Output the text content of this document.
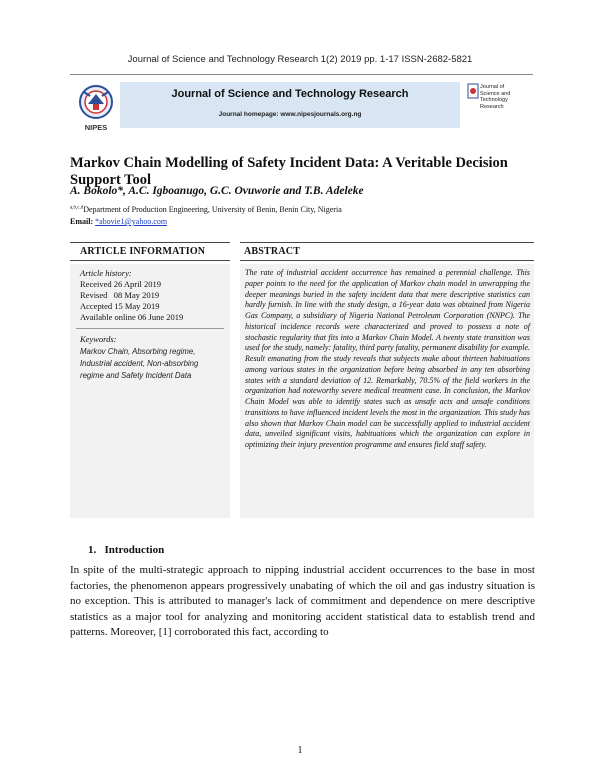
Journal of Science and Technology Research 1(2) 2019 pp. 1-17 ISSN-2682-5821
NIPES
Journal of Science and Technology Research
Journal homepage: www.nipesjournals.org.ng
Journal of
Science and
Technology
Research
Markov Chain Modelling of Safety Incident Data: A Veritable Decision Support Tool
A. Bokolo*, A.C. Igboanugo, G.C. Ovuworie and T.B. Adeleke
$^{a,b,c,d}$Department of Production Engineering, University of Benin, Benin City, Nigeria
Email: *abovie1@yahoo.com
ARTICLE INFORMATION
Article history:
Received 26 April 2019
Revised   08 May 2019
Accepted 15 May 2019
Available online 06 June 2019
Keywords:
Markov Chain, Absorbing regime,
Industrial accident, Non-absorbing
regime and Safety Incident Data
ABSTRACT
The rate of industrial accident occurrence has remained a perennial challenge. This paper points to the need for the application of Markov chain model in unwrapping the deeper meanings buried in the safety incident data that mere descriptive statistics can hardly furnish. In line with the study design, a 16-year data was obtained from Nigeria Gas Company, a subsidiary of Nigeria National Petroleum Corporation (NNPC). The historical incidence records were characterized and proved to possess a note of stochastic regularity that fits into a Markov Chain Model. A twenty state transition was used for the study, namely: fatality, third party fatality, permanent disability for example. Result emanating from the study reveals that subjects make about thirteen habituations among various states in the organization before being absorbed in any ten absorbing states with a standard deviation of 12. Remarkably, 70.5% of the field workers in the organization had noteworthy severe medical treatment case. In conclusion, the Markov Chain Model was able to identify states such as unsafe acts and unsafe conditions transitions to have influenced incident levels the most in the organization. This study has also shown that Markov Chain model can be successfully applied to industrial accident data, unveiled significant visits, habituations which the organization can explore in optimizing their injury prevention programme and ensures field staff safety.
1.   Introduction
In spite of the multi-strategic approach to nipping industrial accident occurrences to the base in most factories, the phenomenon appears progressively unabating of which the oil and gas industry situation is no exception. This is attributed to manager's lack of commitment and dependence on mere descriptive statistics as a major tool for analyzing and monitoring accident statistical data to establish trend and patterns. Moreover, [1] corroborated this fact, according to
1
